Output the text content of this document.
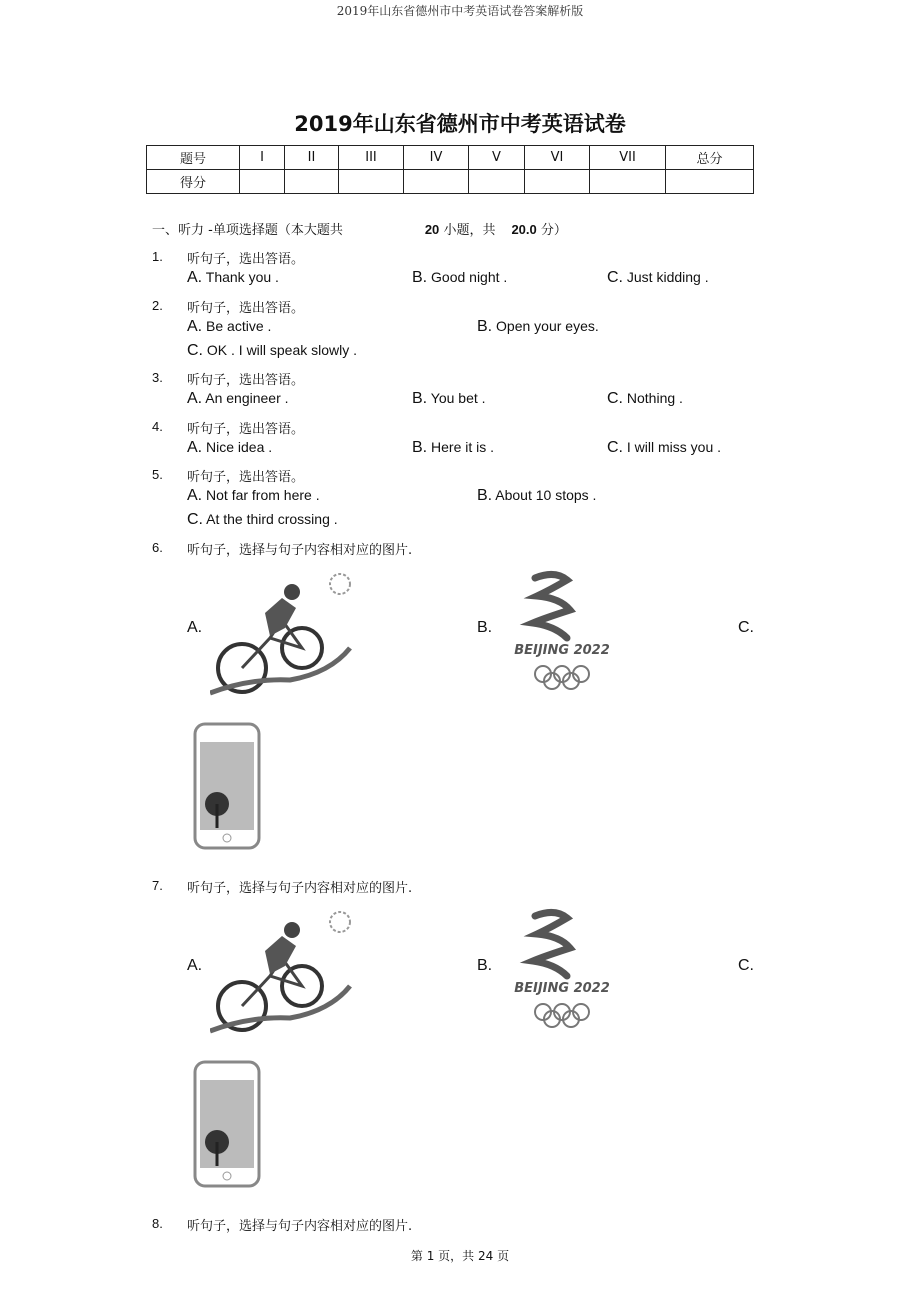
2019年山东省德州市中考英语试卷答案解析版
2019年山东省德州市中考英语试卷
题号	I	II	III	IV	V	VI	VII	总分
得分								
一、听力 -单项选择题（本大题共	20 小题，共 20.0 分）
1. 听句子，选出答语。
A. Thank you .	B. Good night .	C. Just kidding .
2. 听句子，选出答语。
A. Be active .	B. Open your eyes.
C. OK . I will speak slowly .
3. 听句子，选出答语。
A. An engineer .	B. You bet .	C. Nothing .
4. 听句子，选出答语。
A. Nice idea .	B. Here it is .	C. I will miss you .
5. 听句子，选出答语。
A. Not far from here .	B. About 10 stops .
C. At the third crossing .
6. 听句子，选择与句子内容相对应的图片.
A.	B.	C.
BEIJING 2022
7. 听句子，选择与句子内容相对应的图片.
A.	B.	C.
BEIJING 2022
8. 听句子，选择与句子内容相对应的图片.
第 1 页，共 24 页
